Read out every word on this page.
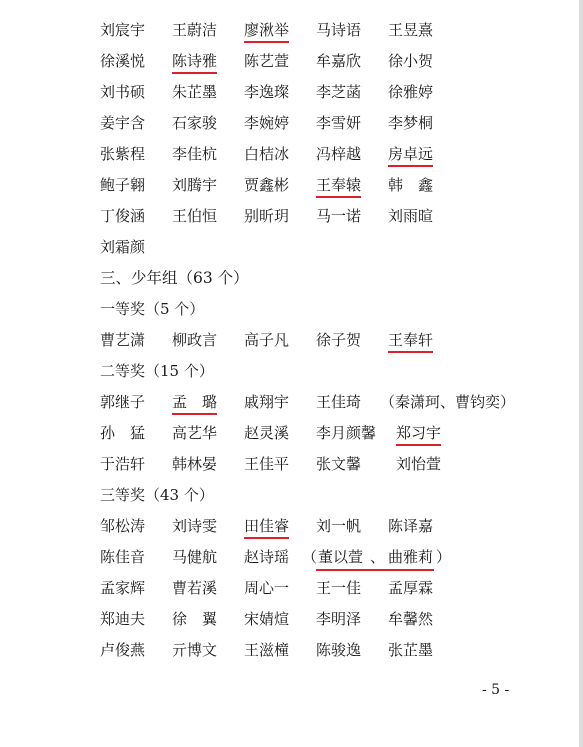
刘宸宇 王蔚洁 廖湫举 马诗语 王昱熹
徐溪悦 陈诗雅 陈艺萱 牟嘉欣 徐小贺
刘书硕 朱芷墨 李逸璨 李芝菡 徐雅婷
姜宇含 石家骏 李婉婷 李雪妍 李梦桐
张紫程 李佳杭 白桔冰 冯梓越 房卓远
鲍子翱 刘腾宇 贾鑫彬 王奉辕 韩　鑫
丁俊涵 王伯恒 别昕玥 马一诺 刘雨暄
刘霜颜
三、少年组（63 个）
一等奖（5 个）
曹艺潇 柳政言 高子凡 徐子贺 王奉轩
二等奖（15 个）
郭继子 孟　璐 戚翔宇 王佳琦 （秦潇珂、曹钧奕）
孙　猛 高艺华 赵灵溪 李月颜馨 郑习宇
于浩轩 韩林晏 王佳平 张文馨 刘怡萱
三等奖（43 个）
邹松涛 刘诗雯 田佳睿 刘一帆 陈译嘉
陈佳音 马健航 赵诗瑶 （ 董以萱 、 曲雅莉 ）
孟家辉 曹若溪 周心一 王一佳 孟厚霖
郑迪夫 徐　翼 宋婧煊 李明泽 牟馨然
卢俊燕 亓博文 王滋橦 陈骏逸 张芷墨
- 5 -
